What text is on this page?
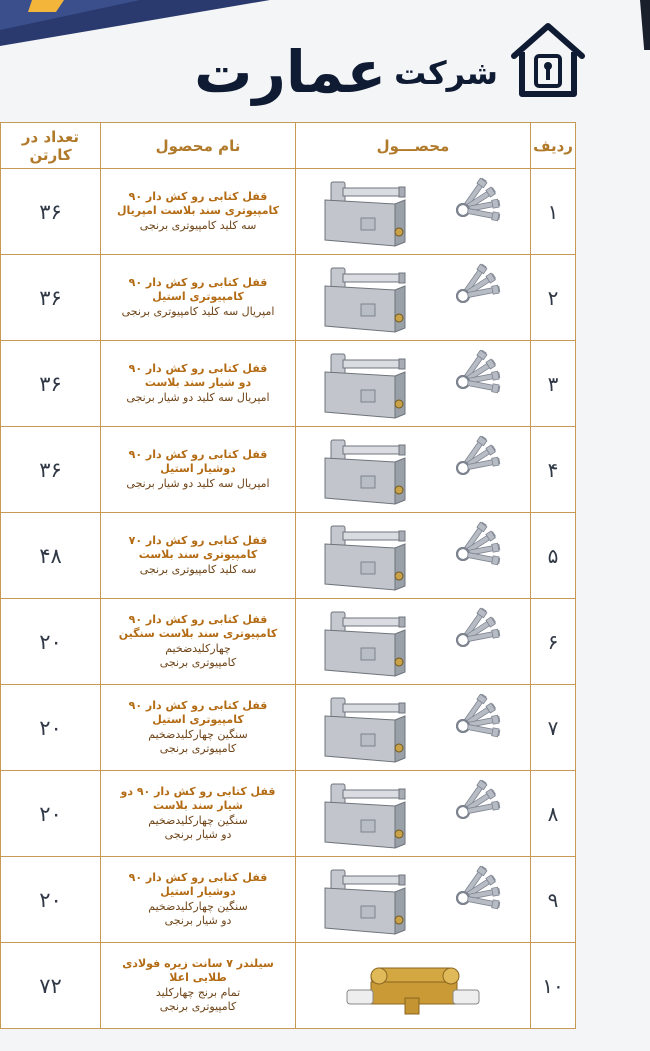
شرکت
عمارت
ردیف	محصـــول	نام محصول	تعداد در کارتن
۱		قفل کتابی رو کش دار ۹۰
کامپیوتری سند بلاست امپریال
سه کلید کامپیوتری برنجی	۳۶
۲		قفل کتابی رو کش دار ۹۰
کامپیوتری استیل
امپریال سه کلید کامپیوتری برنجی	۳۶
۳		قفل کتابی رو کش دار ۹۰
دو شیار سند بلاست
امپریال سه کلید دو شیار برنجی	۳۶
۴		قفل کتابی رو کش دار ۹۰
دوشیار استیل
امپریال سه کلید دو شیار برنجی	۳۶
۵		قفل کتابی رو کش دار ۷۰
کامپیوتری سند بلاست
سه کلید کامپیوتری برنجی	۴۸
۶		قفل کتابی رو کش دار ۹۰
کامپیوتری سند بلاست سنگین
چهارکلیدضخیم
کامپیوتری برنجی	۲۰
۷		قفل کتابی رو کش دار ۹۰
کامپیوتری استیل
سنگین چهارکلیدضخیم
کامپیوتری برنجی	۲۰
۸		قفل کتابی رو کش دار ۹۰ دو
شیار سند بلاست
سنگین چهارکلیدضخیم
دو شیار برنجی	۲۰
۹		قفل کتابی رو کش دار ۹۰
دوشیار استیل
سنگین چهارکلیدضخیم
دو شیار برنجی	۲۰
۱۰		سیلندر ۷ سانت زیره فولادی
طلایی اعلا
تمام برنج چهارکلید
کامپیوتری برنجی	۷۲
